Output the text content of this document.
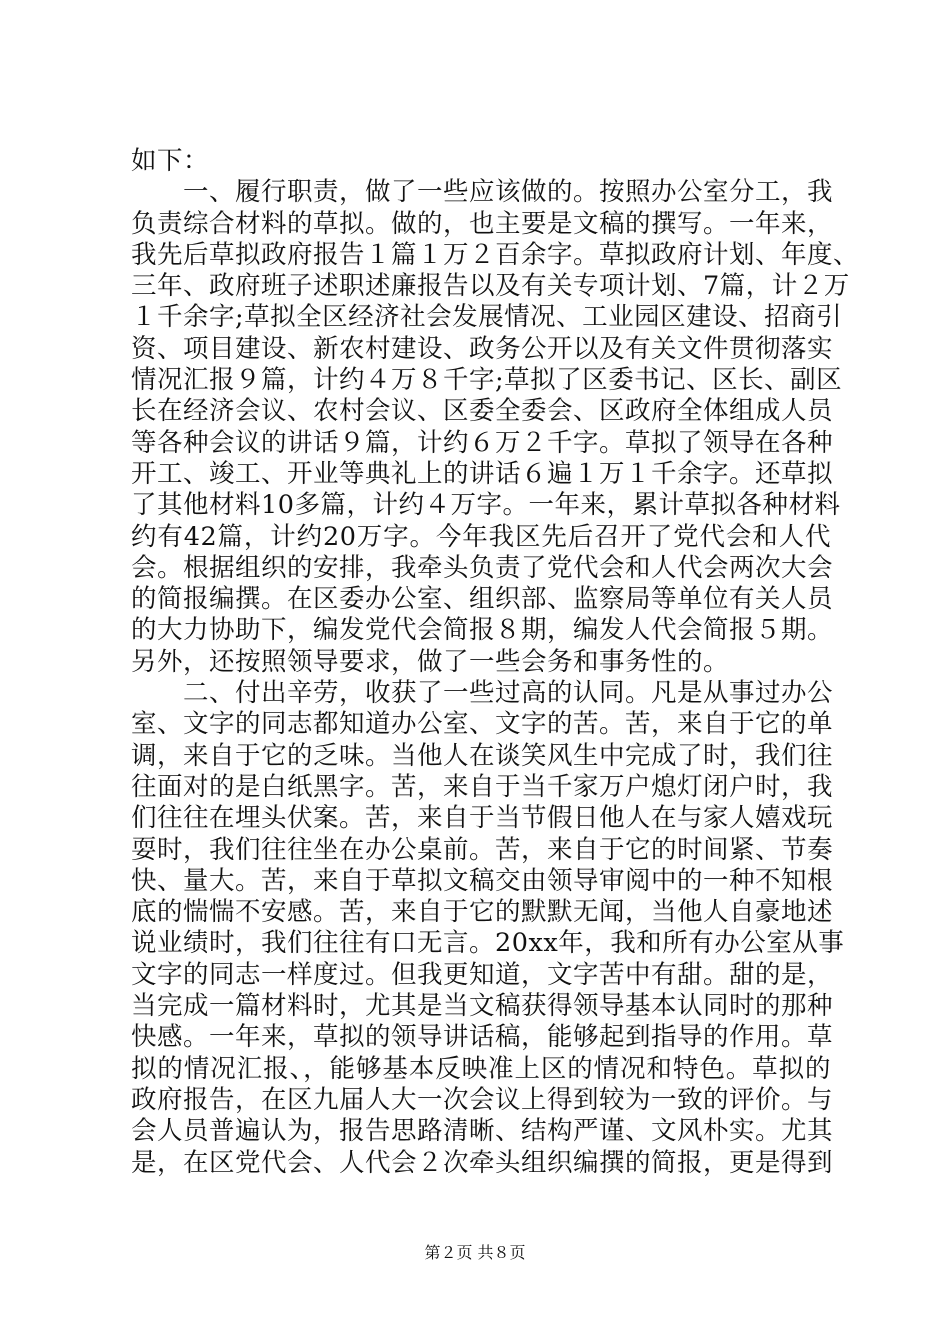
如下：
　　一、履行职责，做了一些应该做的。按照办公室分工，我
负责综合材料的草拟。做的，也主要是文稿的撰写。一年来，
我先后草拟政府报告１篇１万２百余字。草拟政府计划、年度、
三年、政府班子述职述廉报告以及有关专项计划、7篇，计２万
１千余字;草拟全区经济社会发展情况、工业园区建设、招商引
资、项目建设、新农村建设、政务公开以及有关文件贯彻落实
情况汇报９篇，计约４万８千字;草拟了区委书记、区长、副区
长在经济会议、农村会议、区委全委会、区政府全体组成人员
等各种会议的讲话９篇，计约６万２千字。草拟了领导在各种
开工、竣工、开业等典礼上的讲话６遍１万１千余字。还草拟
了其他材料10多篇，计约４万字。一年来，累计草拟各种材料
约有42篇，计约20万字。今年我区先后召开了党代会和人代
会。根据组织的安排，我牵头负责了党代会和人代会两次大会
的简报编撰。在区委办公室、组织部、监察局等单位有关人员
的大力协助下，编发党代会简报８期，编发人代会简报５期。
另外，还按照领导要求，做了一些会务和事务性的。
　　二、付出辛劳，收获了一些过高的认同。凡是从事过办公
室、文字的同志都知道办公室、文字的苦。苦，来自于它的单
调，来自于它的乏味。当他人在谈笑风生中完成了时，我们往
往面对的是白纸黑字。苦，来自于当千家万户熄灯闭户时，我
们往往在埋头伏案。苦，来自于当节假日他人在与家人嬉戏玩
耍时，我们往往坐在办公桌前。苦，来自于它的时间紧、节奏
快、量大。苦，来自于草拟文稿交由领导审阅中的一种不知根
底的惴惴不安感。苦，来自于它的默默无闻，当他人自豪地述
说业绩时，我们往往有口无言。20xx年，我和所有办公室从事
文字的同志一样度过。但我更知道，文字苦中有甜。甜的是，
当完成一篇材料时，尤其是当文稿获得领导基本认同时的那种
快感。一年来，草拟的领导讲话稿，能够起到指导的作用。草
拟的情况汇报、，能够基本反映准上区的情况和特色。草拟的
政府报告，在区九届人大一次会议上得到较为一致的评价。与
会人员普遍认为，报告思路清晰、结构严谨、文风朴实。尤其
是，在区党代会、人代会２次牵头组织编撰的简报，更是得到
第２页 共８页
